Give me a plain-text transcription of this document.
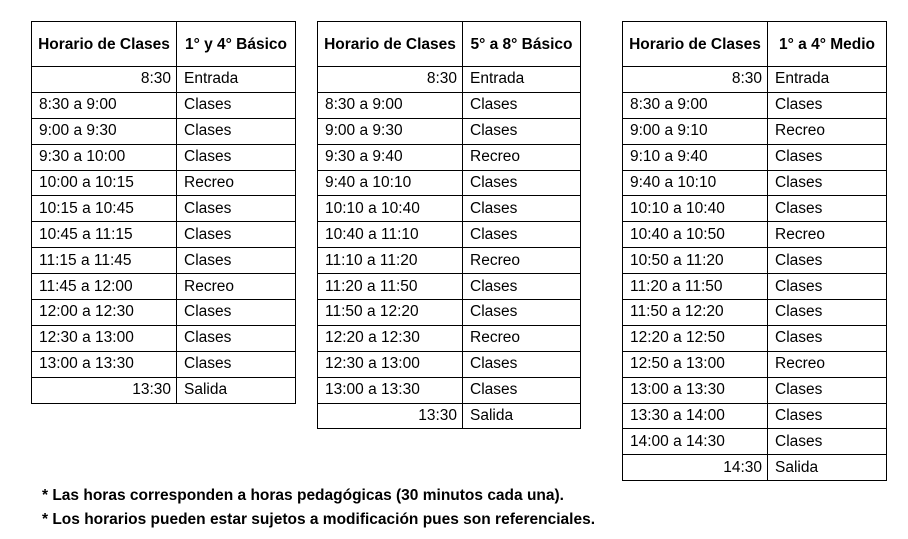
Horario de Clases	1° y 4° Básico
8:30	Entrada
8:30 a 9:00	Clases
9:00 a 9:30	Clases
9:30 a 10:00	Clases
10:00 a 10:15	Recreo
10:15 a 10:45	Clases
10:45 a 11:15	Clases
11:15 a 11:45	Clases
11:45 a 12:00	Recreo
12:00 a 12:30	Clases
12:30 a 13:00	Clases
13:00 a 13:30	Clases
13:30	Salida
Horario de Clases	5° a 8° Básico
8:30	Entrada
8:30 a 9:00	Clases
9:00 a 9:30	Clases
9:30 a 9:40	Recreo
9:40 a 10:10	Clases
10:10 a 10:40	Clases
10:40 a 11:10	Clases
11:10 a 11:20	Recreo
11:20 a 11:50	Clases
11:50 a 12:20	Clases
12:20 a 12:30	Recreo
12:30 a 13:00	Clases
13:00 a 13:30	Clases
13:30	Salida
Horario de Clases	1° a 4° Medio
8:30	Entrada
8:30 a 9:00	Clases
9:00 a 9:10	Recreo
9:10 a 9:40	Clases
9:40 a 10:10	Clases
10:10 a 10:40	Clases
10:40 a 10:50	Recreo
10:50 a 11:20	Clases
11:20 a 11:50	Clases
11:50 a 12:20	Clases
12:20 a 12:50	Clases
12:50 a 13:00	Recreo
13:00 a 13:30	Clases
13:30 a 14:00	Clases
14:00 a 14:30	Clases
14:30	Salida
* Las horas corresponden a horas pedagógicas (30 minutos cada una).
* Los horarios pueden estar sujetos a modificación pues son referenciales.
